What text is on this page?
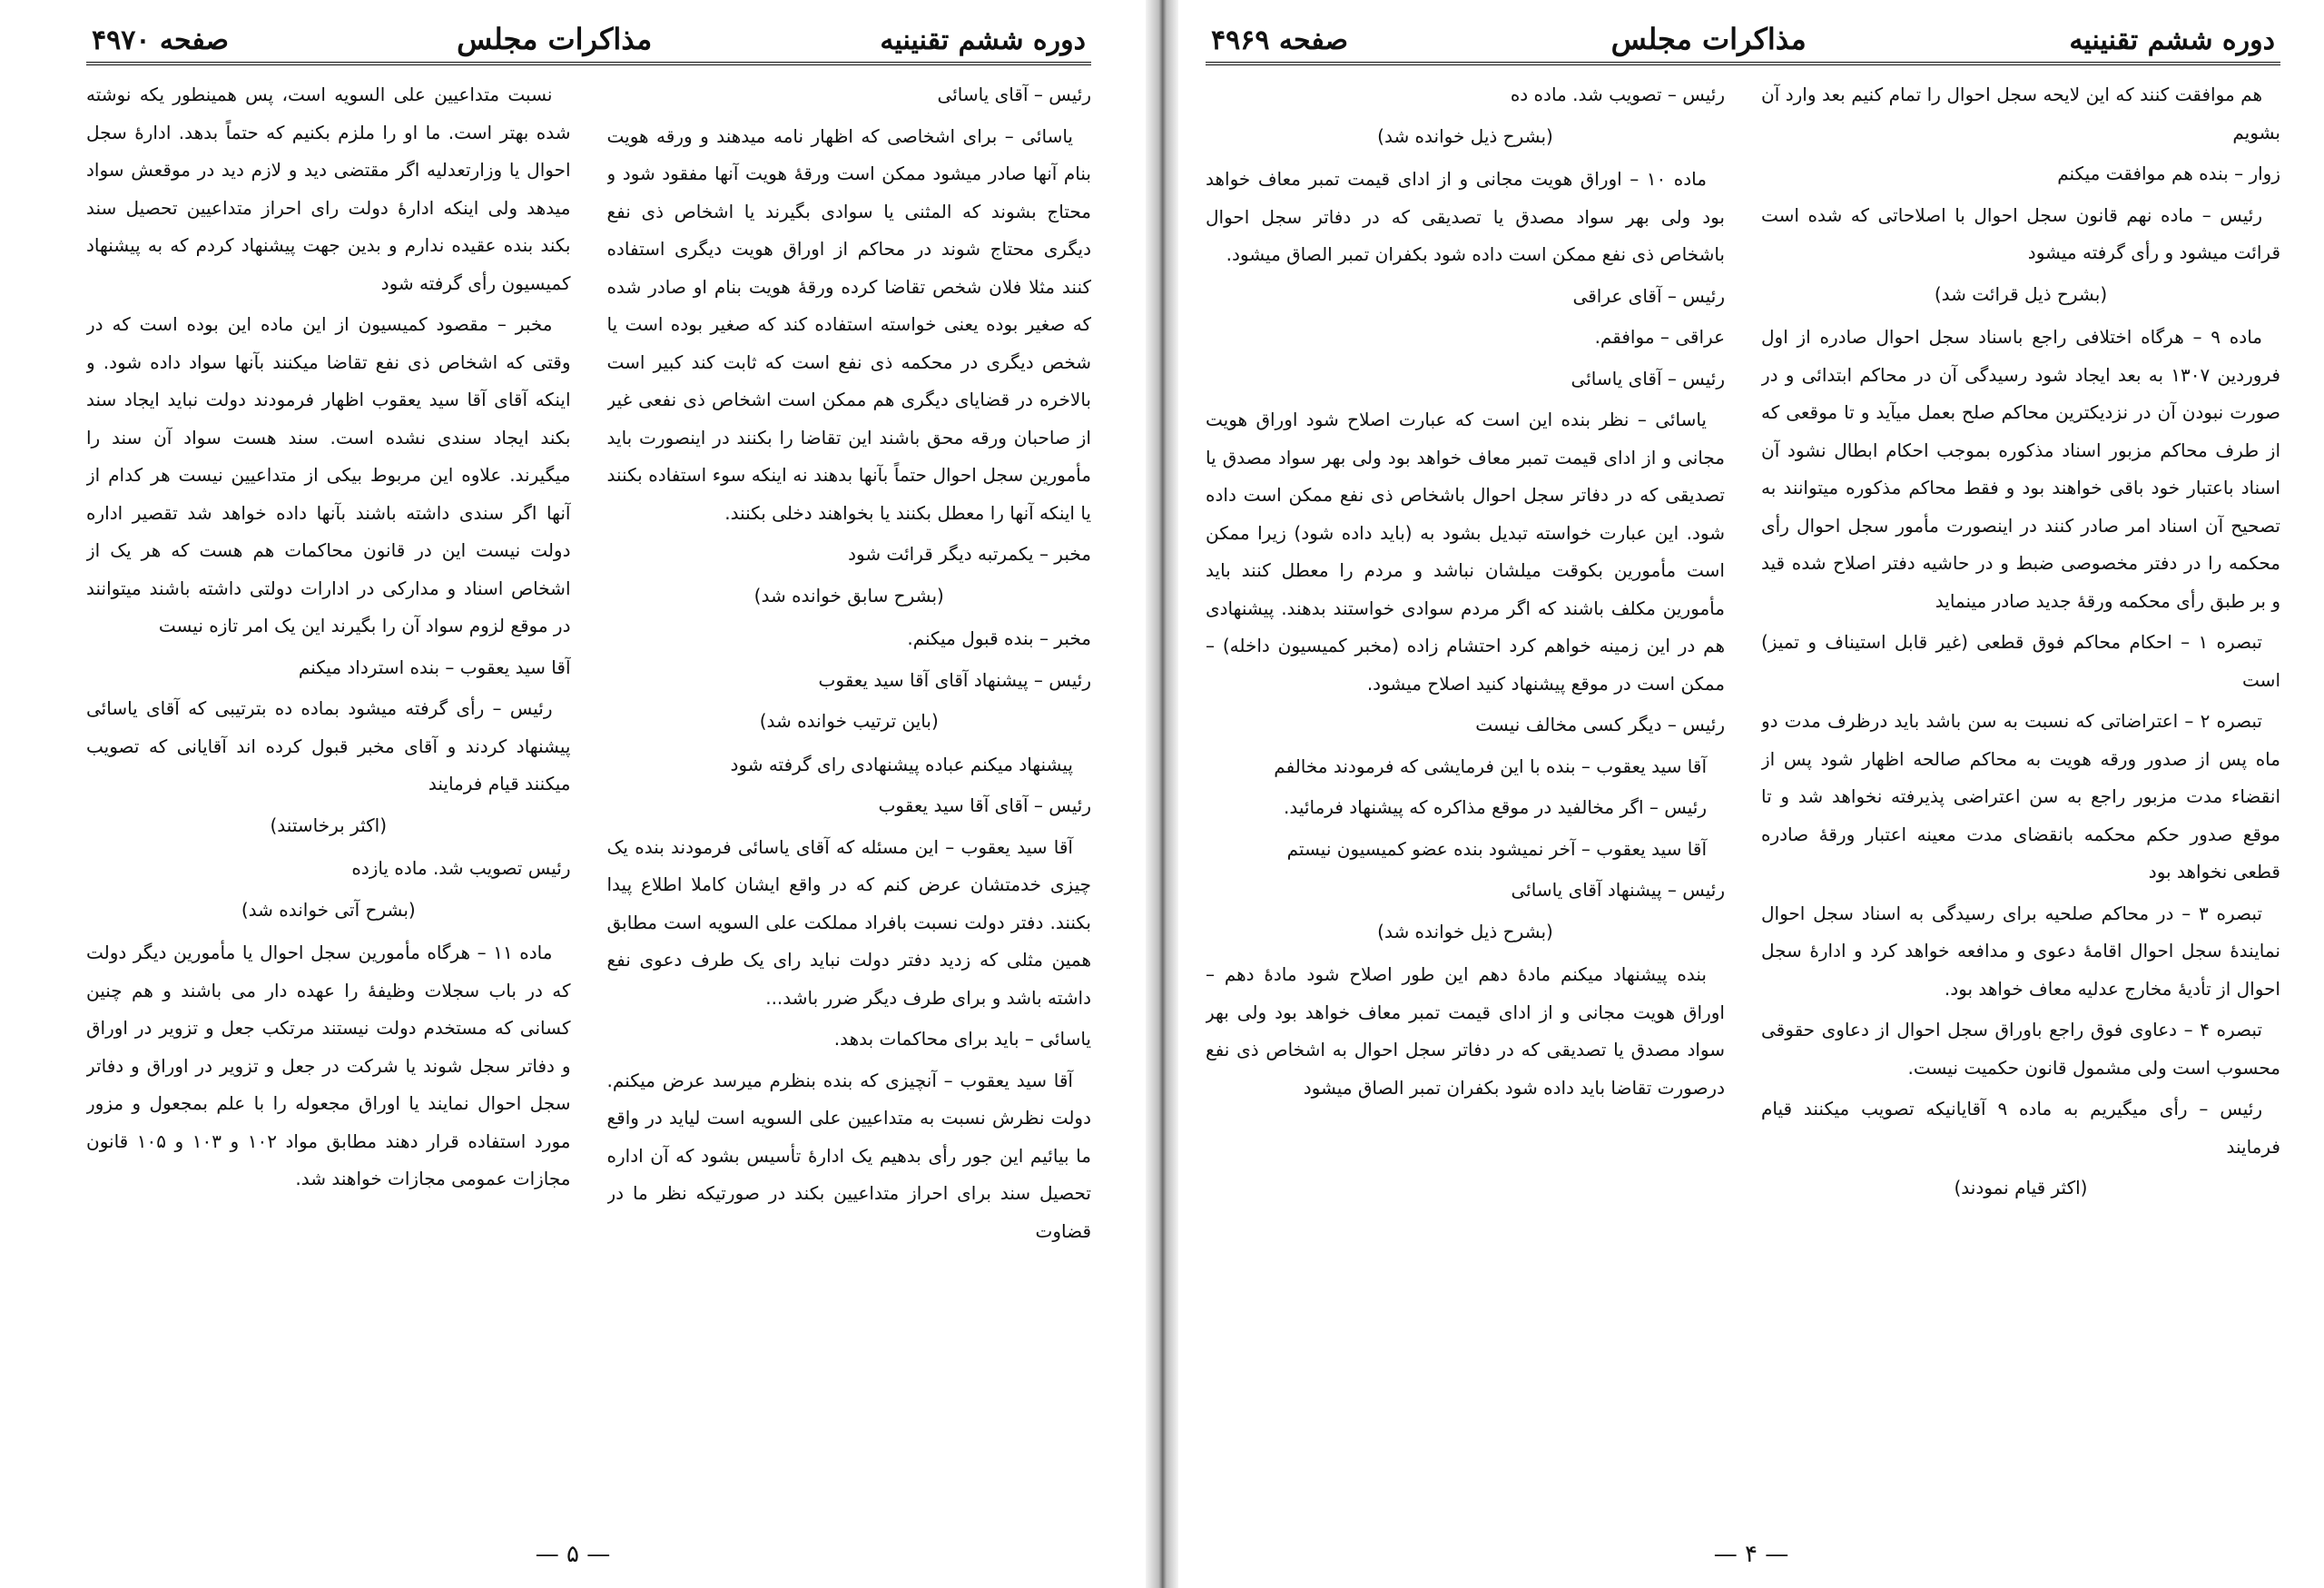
دوره ششم تقنینیه
مذاکرات مجلس
صفحه ۴۹۷۰

رئیس – آقای یاسائی

یاسائی – برای اشخاصی که اظهار نامه میدهند و ورقه هویت بنام آنها صادر میشود ممکن است ورقهٔ هویت آنها مفقود شود و محتاج بشوند که المثنی یا سوادی بگیرند یا اشخاص ذی نفع دیگری محتاج شوند در محاکم از اوراق هویت دیگری استفاده کنند مثلا فلان شخص تقاضا کرده ورقهٔ هویت بنام او صادر شده که صغیر بوده یعنی خواسته استفاده کند که صغیر بوده است یا شخص دیگری در محکمه ذی نفع است که ثابت کند کبیر است بالاخره در قضایای دیگری هم ممکن است اشخاص ذی نفعی غیر از صاحبان ورقه محق باشند این تقاضا را بکنند در اینصورت باید مأمورین سجل احوال حتماً بآنها بدهند نه اینکه سوء استفاده بکنند یا اینکه آنها را معطل بکنند یا بخواهند دخلی بکنند.

مخبر – یکمرتبه دیگر قرائت شود

(بشرح سابق خوانده شد)

مخبر – بنده قبول میکنم.

رئیس – پیشنهاد آقای آقا سید یعقوب

(باین ترتیب خوانده شد)

پیشنهاد میکنم عباده پیشنهادی رای گرفته شود

رئیس – آقای آقا سید یعقوب

آقا سید یعقوب – این مسئله که آقای یاسائی فرمودند بنده یک چیزی خدمتشان عرض کنم که در واقع ایشان کاملا اطلاع پیدا بکنند. دفتر دولت نسبت بافراد مملکت علی السویه است مطابق همین مثلی که زدید دفتر دولت نباید رای یک طرف دعوی نفع داشته باشد و برای طرف دیگر ضرر باشد...

یاسائی – باید برای محاکمات بدهد.

آقا سید یعقوب – آنچیزی که بنده بنظرم میرسد عرض میکنم. دولت نظرش نسبت به متداعیین علی السویه است لیاید در واقع ما بیائیم این جور رأی بدهیم یک ادارهٔ تأسیس بشود که آن اداره تحصیل سند برای احراز متداعیین بکند در صورتیکه نظر ما در قضاوت

نسبت متداعیین علی السویه است، پس همینطور یکه نوشته شده بهتر است. ما او را ملزم بکنیم که حتماً بدهد. ادارهٔ سجل احوال یا وزارتعدلیه اگر مقتضی دید و لازم دید در موقعش سواد میدهد ولی اینکه ادارهٔ دولت رای احراز متداعیین تحصیل سند بکند بنده عقیده ندارم و بدین جهت پیشنهاد کردم که به پیشنهاد کمیسیون رأی گرفته شود

مخبر – مقصود کمیسیون از این ماده این بوده است که در وقتی که اشخاص ذی نفع تقاضا میکنند بآنها سواد داده شود. و اینکه آقای آقا سید یعقوب اظهار فرمودند دولت نباید ایجاد سند بکند ایجاد سندی نشده است. سند هست سواد آن سند را میگیرند. علاوه این مربوط بیکی از متداعیین نیست هر کدام از آنها اگر سندی داشته باشند بآنها داده خواهد شد تقصیر اداره دولت نیست این در قانون محاکمات هم هست که هر یک از اشخاص اسناد و مدارکی در ادارات دولتی داشته باشند میتوانند در موقع لزوم سواد آن را بگیرند این یک امر تازه نیست

آقا سید یعقوب – بنده استرداد میکنم

رئیس – رأی گرفته میشود بماده ده بترتیبی که آقای یاسائی پیشنهاد کردند و آقای مخبر قبول کرده اند آقایانی که تصویب میکنند قیام فرمایند

(اکثر برخاستند)

رئیس تصویب شد. ماده یازده

(بشرح آتی خوانده شد)

ماده ۱۱ – هرگاه مأمورین سجل احوال یا مأمورین دیگر دولت که در باب سجلات وظیفهٔ را عهده دار می باشند و هم چنین کسانی که مستخدم دولت نیستند مرتکب جعل و تزویر در اوراق و دفاتر سجل شوند یا شرکت در جعل و تزویر در اوراق و دفاتر سجل احوال نمایند یا اوراق مجعوله را با علم بمجعول و مزور مورد استفاده قرار دهند مطابق مواد ۱۰۲ و ۱۰۳ و ۱۰۵ قانون مجازات عمومی مجازات خواهند شد.

— ۵ —
دوره ششم تقنینیه
مذاکرات مجلس
صفحه ۴۹۶۹

هم موافقت کنند که این لایحه سجل احوال را تمام کنیم بعد وارد آن بشویم

زوار – بنده هم موافقت میکنم

رئیس – ماده نهم قانون سجل احوال با اصلاحاتی که شده است قرائت میشود و رأی گرفته میشود

(بشرح ذیل قرائت شد)

ماده ۹ – هرگاه اختلافی راجع باسناد سجل احوال صادره از اول فروردین ۱۳۰۷ به بعد ایجاد شود رسیدگی آن در محاکم ابتدائی و در صورت نبودن آن در نزدیکترین محاکم صلح بعمل میآید و تا موقعی که از طرف محاکم مزبور اسناد مذکوره بموجب احکام ابطال نشود آن اسناد باعتبار خود باقی خواهند بود و فقط محاکم مذکوره میتوانند به تصحیح آن اسناد امر صادر کنند در اینصورت مأمور سجل احوال رأی محکمه را در دفتر مخصوصی ضبط و در حاشیه دفتر اصلاح شده قید و بر طبق رأی محکمه ورقهٔ جدید صادر مینماید

تبصره ۱ – احکام محاکم فوق قطعی (غیر قابل استیناف و تمیز) است

تبصره ۲ – اعتراضاتی که نسبت به سن باشد باید درظرف مدت دو ماه پس از صدور ورقه هویت به محاکم صالحه اظهار شود پس از انقضاء مدت مزبور راجع به سن اعتراضی پذیرفته نخواهد شد و تا موقع صدور حکم محکمه بانقضای مدت معینه اعتبار ورقهٔ صادره قطعی نخواهد بود

تبصره ۳ – در محاکم صلحیه برای رسیدگی به اسناد سجل احوال نمایندهٔ سجل احوال اقامهٔ دعوی و مدافعه خواهد کرد و ادارهٔ سجل احوال از تأدیهٔ مخارج عدلیه معاف خواهد بود.

تبصره ۴ – دعاوی فوق راجع باوراق سجل احوال از دعاوی حقوقی محسوب است ولی مشمول قانون حکمیت نیست.

رئیس – رأی میگیریم به ماده ۹ آقایانیکه تصویب میکنند قیام فرمایند

(اکثر قیام نمودند)

رئیس – تصویب شد. ماده ده

(بشرح ذیل خوانده شد)

ماده ۱۰ – اوراق هویت مجانی و از ادای قیمت تمبر معاف خواهد بود ولی بهر سواد مصدق یا تصدیقی که در دفاتر سجل احوال باشخاص ذی نفع ممکن است داده شود بکفران تمبر الصاق میشود.

رئیس – آقای عراقی

عراقی – موافقم.

رئیس – آقای یاسائی

یاسائی – نظر بنده این است که عبارت اصلاح شود اوراق هویت مجانی و از ادای قیمت تمبر معاف خواهد بود ولی بهر سواد مصدق یا تصدیقی که در دفاتر سجل احوال باشخاص ذی نفع ممکن است داده شود. این عبارت خواسته تبدیل بشود به (باید داده شود) زیرا ممکن است مأمورین بکوقت میلشان نباشد و مردم را معطل کنند باید مأمورین مکلف باشند که اگر مردم سوادی خواستند بدهند. پیشنهادی هم در این زمینه خواهم کرد احتشام زاده (مخبر کمیسیون داخله) – ممکن است در موقع پیشنهاد کنید اصلاح میشود.

رئیس – دیگر کسی مخالف نیست

آقا سید یعقوب – بنده با این فرمایشی که فرمودند مخالفم

رئیس – اگر مخالفید در موقع مذاکره که پیشنهاد فرمائید.

آقا سید یعقوب – آخر نمیشود بنده عضو کمیسیون نیستم

رئیس – پیشنهاد آقای یاسائی

(بشرح ذیل خوانده شد)

بنده پیشنهاد میکنم مادهٔ دهم این طور اصلاح شود مادهٔ دهم – اوراق هویت مجانی و از ادای قیمت تمبر معاف خواهد بود ولی بهر سواد مصدق یا تصدیقی که در دفاتر سجل احوال به اشخاص ذی نفع درصورت تقاضا باید داده شود بکفران تمبر الصاق میشود

— ۴ —
